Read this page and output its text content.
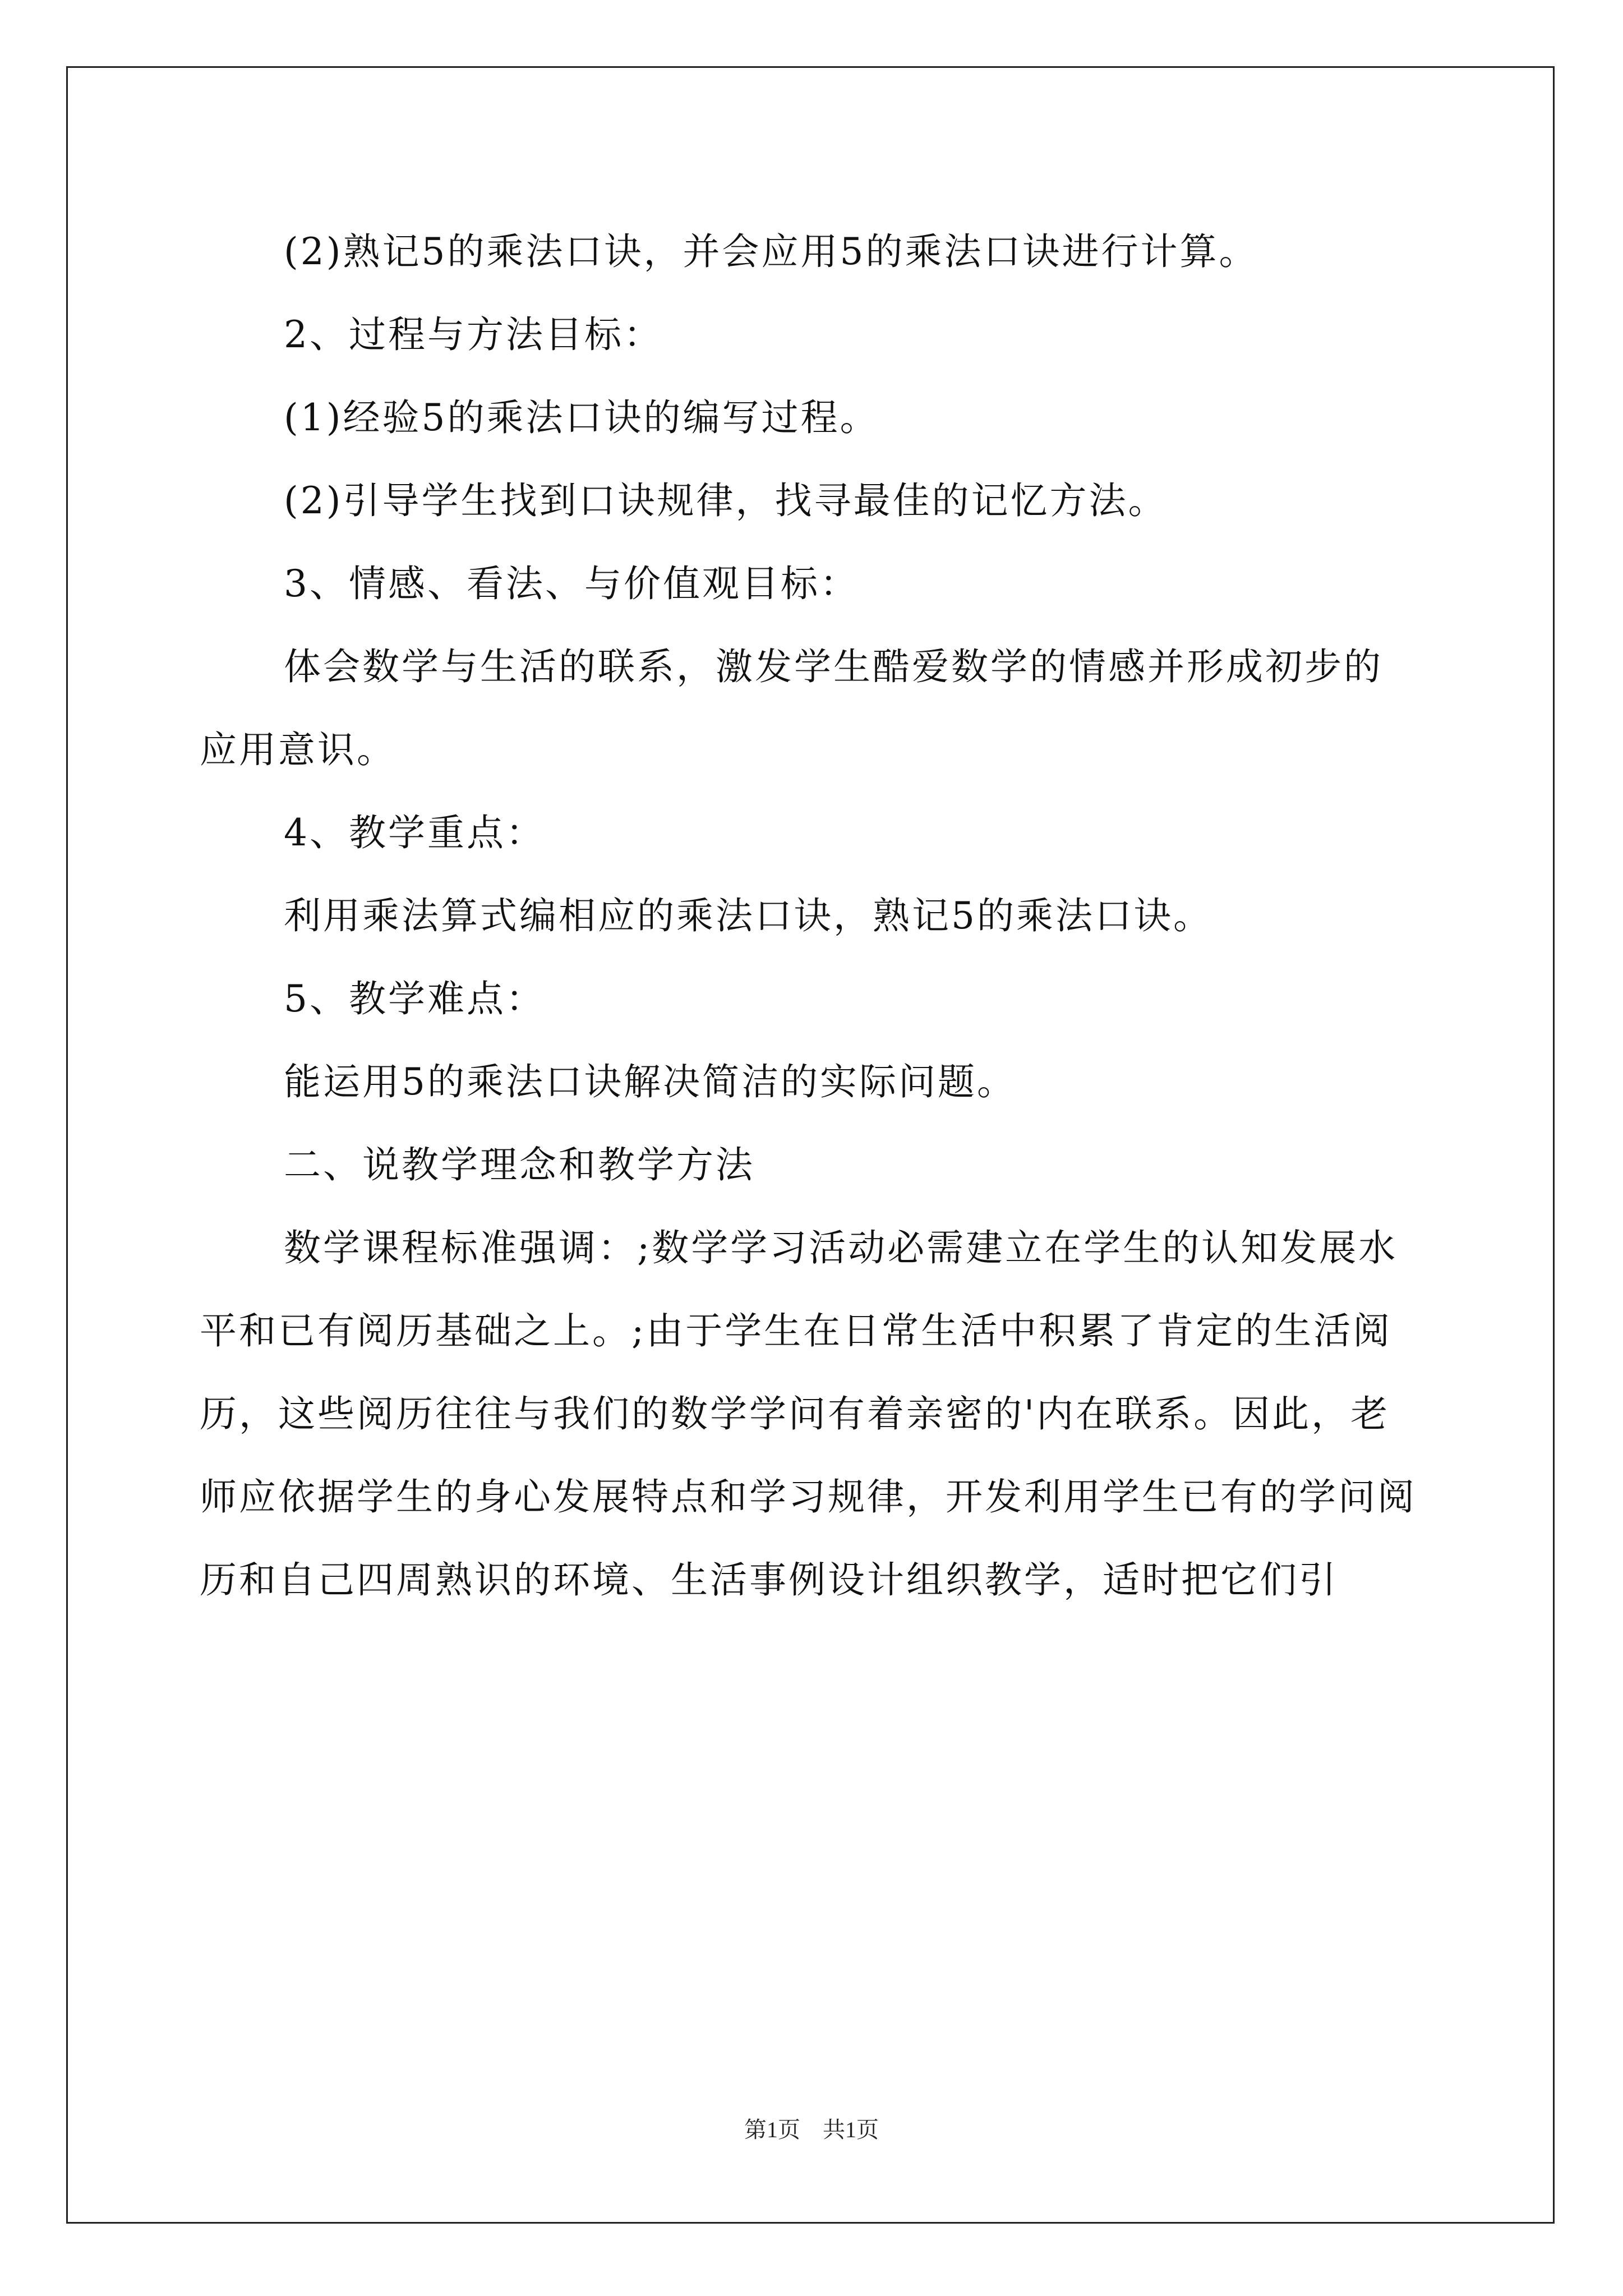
(2)熟记5的乘法口诀，并会应用5的乘法口诀进行计算。

2、过程与方法目标：

(1)经验5的乘法口诀的编写过程。

(2)引导学生找到口诀规律，找寻最佳的记忆方法。

3、情感、看法、与价值观目标：

体会数学与生活的联系，激发学生酷爱数学的情感并形成初步的应用意识。

4、教学重点：

利用乘法算式编相应的乘法口诀，熟记5的乘法口诀。

5、教学难点：

能运用5的乘法口诀解决简洁的实际问题。

二、说教学理念和教学方法

数学课程标准强调：;数学学习活动必需建立在学生的认知发展水平和已有阅历基础之上。;由于学生在日常生活中积累了肯定的生活阅历，这些阅历往往与我们的数学学问有着亲密的'内在联系。因此，老师应依据学生的身心发展特点和学习规律，开发利用学生已有的学问阅历和自己四周熟识的环境、生活事例设计组织教学，适时把它们引

第1页　共1页
